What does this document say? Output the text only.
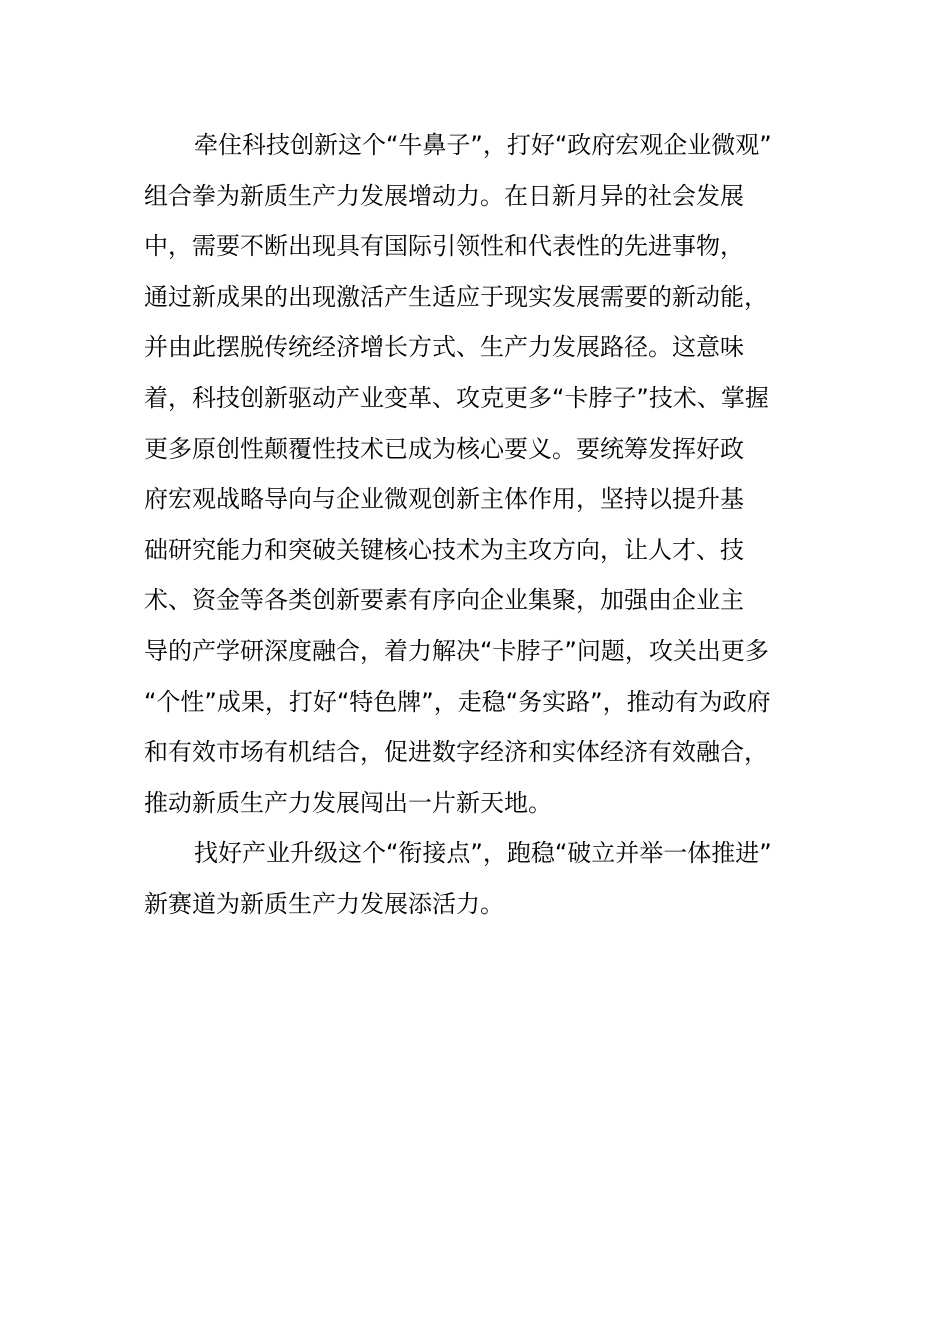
牵住科技创新这个“牛鼻子”，打好“政府宏观企业微观”
组合拳为新质生产力发展增动力。在日新月异的社会发展
中，需要不断出现具有国际引领性和代表性的先进事物，
通过新成果的出现激活产生适应于现实发展需要的新动能，
并由此摆脱传统经济增长方式、生产力发展路径。这意味
着，科技创新驱动产业变革、攻克更多“卡脖子”技术、掌握
更多原创性颠覆性技术已成为核心要义。要统筹发挥好政
府宏观战略导向与企业微观创新主体作用，坚持以提升基
础研究能力和突破关键核心技术为主攻方向，让人才、技
术、资金等各类创新要素有序向企业集聚，加强由企业主
导的产学研深度融合，着力解决“卡脖子”问题，攻关出更多
“个性”成果，打好“特色牌”，走稳“务实路”，推动有为政府
和有效市场有机结合，促进数字经济和实体经济有效融合，
推动新质生产力发展闯出一片新天地。
找好产业升级这个“衔接点”，跑稳“破立并举一体推进”
新赛道为新质生产力发展添活力。
